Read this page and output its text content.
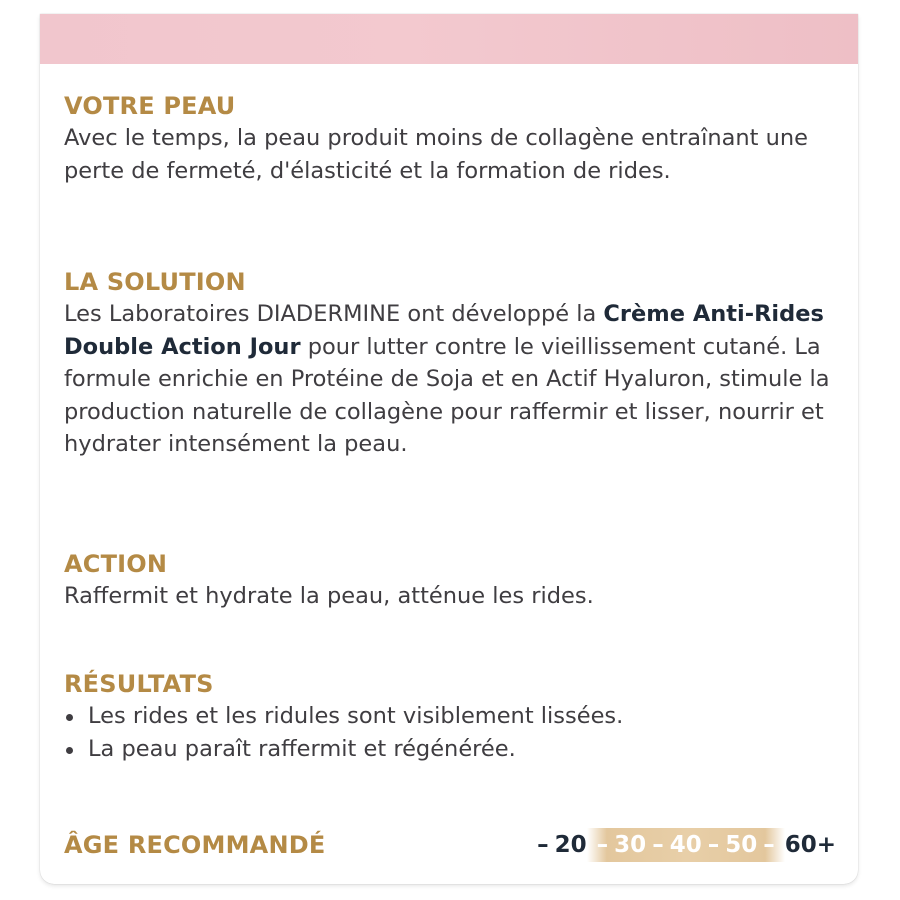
VOTRE PEAU

Avec le temps, la peau produit moins de collagène entraînant une perte de fermeté, d'élasticité et la formation de rides.

LA SOLUTION

Les Laboratoires DIADERMINE ont développé la Crème Anti-Rides Double Action Jour pour lutter contre le vieillissement cutané. La formule enrichie en Protéine de Soja et en Actif Hyaluron, stimule la production naturelle de collagène pour raffermir et lisser, nourrir et hydrater intensément la peau.

ACTION

Raffermit et hydrate la peau, atténue les rides.

RÉSULTATS
Les rides et les ridules sont visiblement lissées.
La peau paraît raffermit et régénérée.
ÂGE RECOMMANDÉ	– 20 – 30 – 40 – 50 – 60+
